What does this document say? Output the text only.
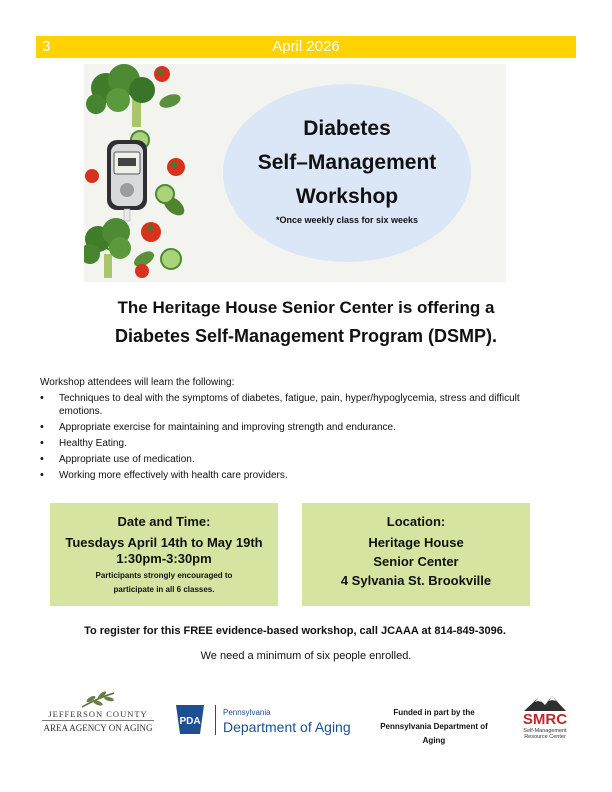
3	April 2026
Diabetes
Self–Management
Workshop
*Once weekly class for six weeks
The Heritage House Senior Center is offering a
Diabetes Self-Management Program (DSMP).
Workshop attendees will learn the following:
• Techniques to deal with the symptoms of diabetes, fatigue, pain, hyper/hypoglycemia, stress and difficult emotions.
• Appropriate exercise for maintaining and improving strength and endurance.
• Healthy Eating.
• Appropriate use of medication.
• Working more effectively with health care providers.
Date and Time:
Tuesdays April 14th to May 19th
1:30pm-3:30pm
Participants strongly encouraged to
participate in all 6 classes.
Location:
Heritage House
Senior Center
4 Sylvania St. Brookville
To register for this FREE evidence-based workshop, call JCAAA at 814-849-3096.
We need a minimum of six people enrolled.
JEFFERSON COUNTY
AREA AGENCY ON AGING
PDA
Pennsylvania
Department of Aging
Funded in part by the
Pennsylvania Department of
Aging
SMRC
Self-Management
Resource Center
